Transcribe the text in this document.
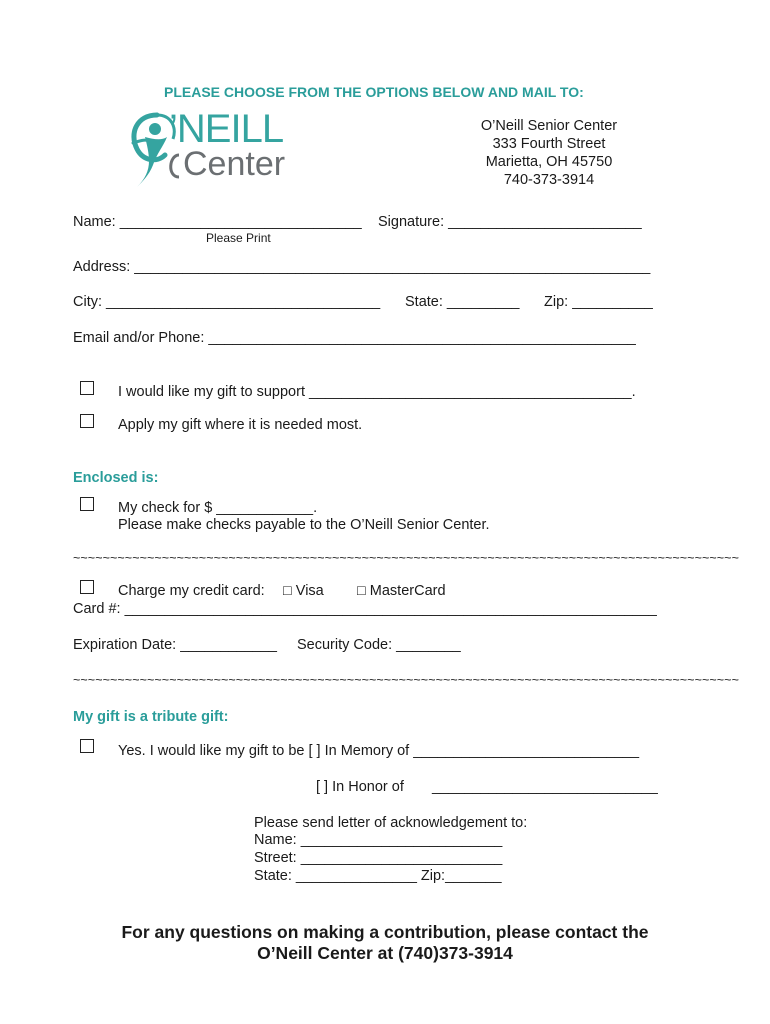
PLEASE CHOOSE FROM THE OPTIONS BELOW AND MAIL TO:
’NEILL
Center
O’Neill Senior Center
333 Fourth Street
Marietta, OH 45750
740-373-3914
Name: ______________________________ Signature: ________________________
Please Print
Address: ________________________________________________________________
City: __________________________________ State: _________ Zip: __________
Email and/or Phone: _____________________________________________________
I would like my gift to support ________________________________________.
Apply my gift where it is needed most.
Enclosed is:
My check for $ ____________.
Please make checks payable to the O’Neill Senior Center.
~~~~~~~~~~~~~~~~~~~~~~~~~~~~~~~~~~~~~~~~~~~~~~~~~~~~~~~~~~~~~~~~~~~~~~~~~~~~~~~~~~~~~~~~~~
Charge my credit card: □ Visa □ MasterCard
Card #: __________________________________________________________________
Expiration Date: ____________ Security Code: ________
~~~~~~~~~~~~~~~~~~~~~~~~~~~~~~~~~~~~~~~~~~~~~~~~~~~~~~~~~~~~~~~~~~~~~~~~~~~~~~~~~~~~~~~~~~
My gift is a tribute gift:
Yes. I would like my gift to be [ ] In Memory of ____________________________
[ ] In Honor of ____________________________
Please send letter of acknowledgement to:
Name: _________________________
Street: _________________________
State: _______________ Zip:_______
For any questions on making a contribution, please contact the
O’Neill Center at (740)373-3914
